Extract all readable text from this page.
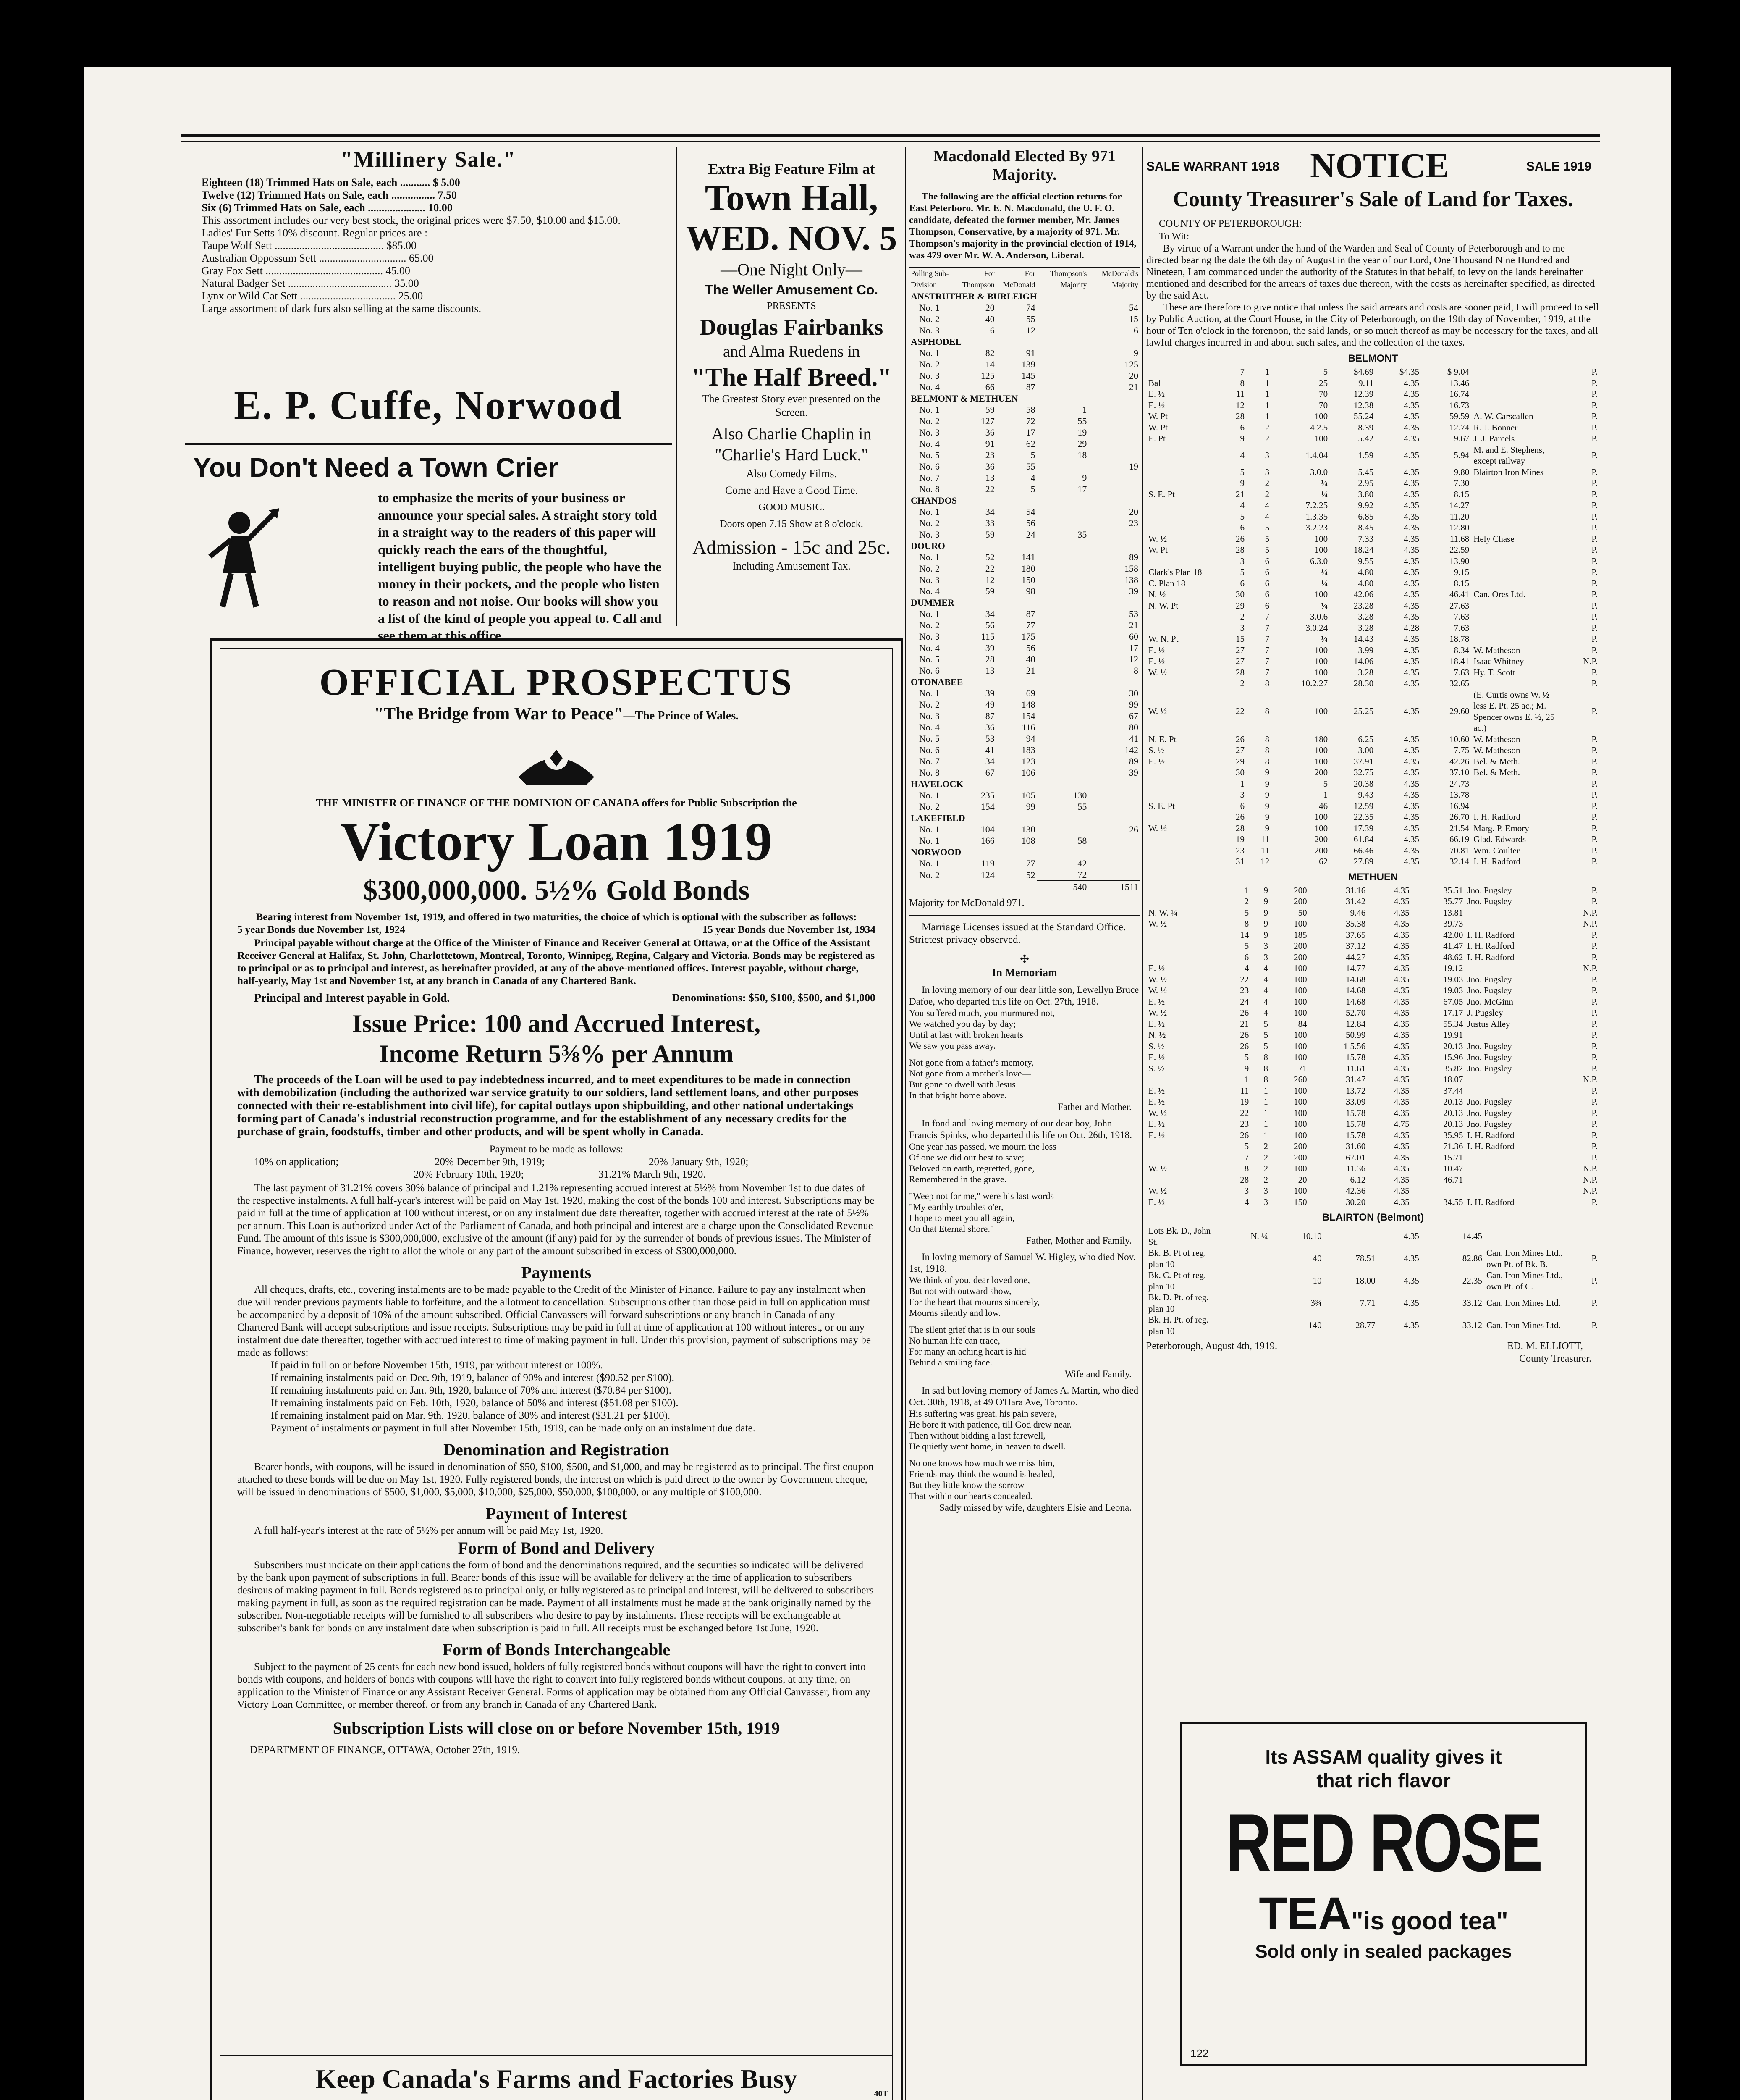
"Millinery Sale."
Eighteen (18) Trimmed Hats on Sale, each ........... $ 5.00
Twelve (12) Trimmed Hats on Sale, each ................ 7.50
Six (6) Trimmed Hats on Sale, each ..................... 10.00
This assortment includes our very best stock, the original prices were $7.50, $10.00 and $15.00.
Ladies' Fur Setts 10% discount. Regular prices are :
Taupe Wolf Sett ........................................ $85.00
Australian Oppossum Sett ................................ 65.00
Gray Fox Sett ........................................... 45.00
Natural Badger Set ...................................... 35.00
Lynx or Wild Cat Sett ................................... 25.00
Large assortment of dark furs also selling at the same discounts.
E. P. Cuffe, Norwood
You Don't Need a Town Crier
to emphasize the merits of your business or announce your special sales. A straight story told in a straight way to the readers of this paper will quickly reach the ears of the thoughtful, intelligent buying public, the people who have the money in their pockets, and the people who listen to reason and not noise. Our books will show you a list of the kind of people you appeal to. Call and see them at this office.
Extra Big Feature Film at
Town Hall,
WED. NOV. 5
—One Night Only—
The Weller Amusement Co.
PRESENTS
Douglas Fairbanks
and Alma Ruedens in
"The Half Breed."
The Greatest Story ever presented on the Screen.
Also Charlie Chaplin in
"Charlie's Hard Luck."
Also Comedy Films.
Come and Have a Good Time.
GOOD MUSIC.
Doors open 7.15 Show at 8 o'clock.
Admission - 15c and 25c.
Including Amusement Tax.
Macdonald Elected By 971 Majority.
The following are the official election returns for East Peterboro. Mr. E. N. Macdonald, the U. F. O. candidate, defeated the former member, Mr. James Thompson, Conservative, by a majority of 971. Mr. Thompson's majority in the provincial election of 1914, was 479 over Mr. W. A. Anderson, Liberal.
Polling Sub-Division	For Thompson	For McDonald	Thompson's Majority	McDonald's Majority
ANSTRUTHER & BURLEIGH				
No. 1	20	74		54
No. 2	40	55		15
No. 3	6	12		6
ASPHODEL				
No. 1	82	91		9
No. 2	14	139		125
No. 3	125	145		20
No. 4	66	87		21
BELMONT & METHUEN				
No. 1	59	58	1	
No. 2	127	72	55	
No. 3	36	17	19	
No. 4	91	62	29	
No. 5	23	5	18	
No. 6	36	55		19
No. 7	13	4	9	
No. 8	22	5	17	
CHANDOS				
No. 1	34	54		20
No. 2	33	56		23
No. 3	59	24	35	
DOURO				
No. 1	52	141		89
No. 2	22	180		158
No. 3	12	150		138
No. 4	59	98		39
DUMMER				
No. 1	34	87		53
No. 2	56	77		21
No. 3	115	175		60
No. 4	39	56		17
No. 5	28	40		12
No. 6	13	21		8
OTONABEE				
No. 1	39	69		30
No. 2	49	148		99
No. 3	87	154		67
No. 4	36	116		80
No. 5	53	94		41
No. 6	41	183		142
No. 7	34	123		89
No. 8	67	106		39
HAVELOCK				
No. 1	235	105	130	
No. 2	154	99	55	
LAKEFIELD				
No. 1	104	130		26
No. 1	166	108	58	
NORWOOD				
No. 1	119	77	42	
No. 2	124	52	72	
			540	1511
Majority for McDonald 971.
Marriage Licenses issued at the Standard Office. Strictest privacy observed.
✣
In Memoriam
In loving memory of our dear little son, Lewellyn Bruce Dafoe, who departed this life on Oct. 27th, 1918.
You suffered much, you murmured not,
We watched you day by day;
Until at last with broken hearts
We saw you pass away.
Not gone from a father's memory,
Not gone from a mother's love—
But gone to dwell with Jesus
In that bright home above.
Father and Mother.
In fond and loving memory of our dear boy, John Francis Spinks, who departed this life on Oct. 26th, 1918.
One year has passed, we mourn the loss
Of one we did our best to save;
Beloved on earth, regretted, gone,
Remembered in the grave.
"Weep not for me," were his last words
"My earthly troubles o'er,
I hope to meet you all again,
On that Eternal shore."
Father, Mother and Family.
In loving memory of Samuel W. Higley, who died Nov. 1st, 1918.
We think of you, dear loved one,
But not with outward show,
For the heart that mourns sincerely,
Mourns silently and low.
The silent grief that is in our souls
No human life can trace,
For many an aching heart is hid
Behind a smiling face.
Wife and Family.
In sad but loving memory of James A. Martin, who died Oct. 30th, 1918, at 49 O'Hara Ave, Toronto.
His suffering was great, his pain severe,
He bore it with patience, till God drew near.
Then without bidding a last farewell,
He quietly went home, in heaven to dwell.
No one knows how much we miss him,
Friends may think the wound is healed,
But they little know the sorrow
That within our hearts concealed.
Sadly missed by wife, daughters Elsie and Leona.
SALE WARRANT 1918 NOTICE	SALE 1919
County Treasurer's Sale of Land for Taxes.
COUNTY OF PETERBOROUGH:
To Wit:
By virtue of a Warrant under the hand of the Warden and Seal of County of Peterborough and to me directed bearing the date the 6th day of August in the year of our Lord, One Thousand Nine Hundred and Nineteen, I am commanded under the authority of the Statutes in that behalf, to levy on the lands hereinafter mentioned and described for the arrears of taxes due thereon, with the costs as hereinafter specified, as directed by the said Act.
These are therefore to give notice that unless the said arrears and costs are sooner paid, I will proceed to sell by Public Auction, at the Court House, in the City of Peterborough, on the 19th day of November, 1919, at the hour of Ten o'clock in the forenoon, the said lands, or so much thereof as may be necessary for the taxes, and all lawful charges incurred in and about such sales, and the collection of the taxes.
BELMONT
	7	1	5	$4.69	$4.35	$ 9.04		P.
Bal	8	1	25	9.11	4.35	13.46		P.
E. ½	11	1	70	12.39	4.35	16.74		P.
E. ½	12	1	70	12.38	4.35	16.73		P.
W. Pt	28	1	100	55.24	4.35	59.59	A. W. Carscallen	P.
W. Pt	6	2	4 2.5	8.39	4.35	12.74	R. J. Bonner	P.
E. Pt	9	2	100	5.42	4.35	9.67	J. J. Parcels	P.
	4	3	1.4.04	1.59	4.35	5.94	M. and E. Stephens, except railway	P.
	5	3	3.0.0	5.45	4.35	9.80	Blairton Iron Mines	P.
	9	2	¼	2.95	4.35	7.30		P.
S. E. Pt	21	2	¼	3.80	4.35	8.15		P.
	4	4	7.2.25	9.92	4.35	14.27		P.
	5	4	1.3.35	6.85	4.35	11.20		P.
	6	5	3.2.23	8.45	4.35	12.80		P.
W. ½	26	5	100	7.33	4.35	11.68	Hely Chase	P.
W. Pt	28	5	100	18.24	4.35	22.59		P.
	3	6	6.3.0	9.55	4.35	13.90		P.
Clark's Plan 18	5	6	¼	4.80	4.35	9.15		P.
C. Plan 18	6	6	¼	4.80	4.35	8.15		P.
N. ½	30	6	100	42.06	4.35	46.41	Can. Ores Ltd.	P.
N. W. Pt	29	6	¼	23.28	4.35	27.63		P.
	2	7	3.0.6	3.28	4.35	7.63		P.
	3	7	3.0.24	3.28	4.28	7.63		P.
W. N. Pt	15	7	¼	14.43	4.35	18.78		P.
E. ½	27	7	100	3.99	4.35	8.34	W. Matheson	P.
E. ½	27	7	100	14.06	4.35	18.41	Isaac Whitney	N.P.
W. ½	28	7	100	3.28	4.35	7.63	Hy. T. Scott	P.
	2	8	10.2.27	28.30	4.35	32.65		P.
W. ½	22	8	100	25.25	4.35	29.60	(E. Curtis owns W. ½ less E. Pt. 25 ac.; M. Spencer owns E. ½, 25 ac.)	P.
N. E. Pt	26	8	180	6.25	4.35	10.60	W. Matheson	P.
S. ½	27	8	100	3.00	4.35	7.75	W. Matheson	P.
E. ½	29	8	100	37.91	4.35	42.26	Bel. & Meth.	P.
	30	9	200	32.75	4.35	37.10	Bel. & Meth.	P.
	1	9	5	20.38	4.35	24.73		P.
	3	9	1	9.43	4.35	13.78		P.
S. E. Pt	6	9	46	12.59	4.35	16.94		P.
	26	9	100	22.35	4.35	26.70	I. H. Radford	P.
W. ½	28	9	100	17.39	4.35	21.54	Marg. P. Emory	P.
	19	11	200	61.84	4.35	66.19	Glad. Edwards	P.
	23	11	200	66.46	4.35	70.81	Wm. Coulter	P.
	31	12	62	27.89	4.35	32.14	I. H. Radford	P.
METHUEN
	1	9	200	31.16	4.35	35.51	Jno. Pugsley	P.
	2	9	200	31.42	4.35	35.77	Jno. Pugsley	P.
N. W. ¼	5	9	50	9.46	4.35	13.81		N.P.
W. ½	8	9	100	35.38	4.35	39.73		N.P.
	14	9	185	37.65	4.35	42.00	I. H. Radford	P.
	5	3	200	37.12	4.35	41.47	I. H. Radford	P.
	6	3	200	44.27	4.35	48.62	I. H. Radford	P.
E. ½	4	4	100	14.77	4.35	19.12		N.P.
W. ½	22	4	100	14.68	4.35	19.03	Jno. Pugsley	P.
W. ½	23	4	100	14.68	4.35	19.03	Jno. Pugsley	P.
E. ½	24	4	100	14.68	4.35	67.05	Jno. McGinn	P.
W. ½	26	4	100	52.70	4.35	17.17	J. Pugsley	P.
E. ½	21	5	84	12.84	4.35	55.34	Justus Alley	P.
N. ½	26	5	100	50.99	4.35	19.91		P.
S. ½	26	5	100	1 5.56	4.35	20.13	Jno. Pugsley	P.
E. ½	5	8	100	15.78	4.35	15.96	Jno. Pugsley	P.
S. ½	9	8	71	11.61	4.35	35.82	Jno. Pugsley	P.
	1	8	260	31.47	4.35	18.07		N.P.
E. ½	11	1	100	13.72	4.35	37.44		P.
E. ½	19	1	100	33.09	4.35	20.13	Jno. Pugsley	P.
W. ½	22	1	100	15.78	4.35	20.13	Jno. Pugsley	P.
E. ½	23	1	100	15.78	4.75	20.13	Jno. Pugsley	P.
E. ½	26	1	100	15.78	4.35	35.95	I. H. Radford	P.
	5	2	200	31.60	4.35	71.36	I. H. Radford	P.
	7	2	200	67.01	4.35	15.71		P.
W. ½	8	2	100	11.36	4.35	10.47		N.P.
	28	2	20	6.12	4.35	46.71		N.P.
W. ½	3	3	100	42.36	4.35			N.P.
E. ½	4	3	150	30.20	4.35	34.55	I. H. Radford	P.
BLAIRTON (Belmont)
Lots Bk. D., John St.	N. ¼	10.10		4.35		14.45		
Bk. B. Pt of reg. plan 10		40	78.51	4.35		82.86	Can. Iron Mines Ltd., own Pt. of Bk. B.	P.
Bk. C. Pt of reg. plan 10		10	18.00	4.35		22.35	Can. Iron Mines Ltd., own Pt. of C.	P.
Bk. D. Pt. of reg. plan 10		3¾	7.71	4.35		33.12	Can. Iron Mines Ltd.	P.
Bk. H. Pt. of reg. plan 10		140	28.77	4.35		33.12	Can. Iron Mines Ltd.	P.
Peterborough, August 4th, 1919.	ED. M. ELLIOTT,
County Treasurer.
OFFICIAL PROSPECTUS
"The Bridge from War to Peace"—The Prince of Wales.
THE MINISTER OF FINANCE OF THE DOMINION OF CANADA offers for Public Subscription the
Victory Loan 1919
$300,000,000. 5½% Gold Bonds
Bearing interest from November 1st, 1919, and offered in two maturities, the choice of which is optional with the subscriber as follows:
5 year Bonds due November 1st, 1924	15 year Bonds due November 1st, 1934
Principal payable without charge at the Office of the Minister of Finance and Receiver General at Ottawa, or at the Office of the Assistant Receiver General at Halifax, St. John, Charlottetown, Montreal, Toronto, Winnipeg, Regina, Calgary and Victoria. Bonds may be registered as to principal or as to principal and interest, as hereinafter provided, at any of the above-mentioned offices. Interest payable, without charge, half-yearly, May 1st and November 1st, at any branch in Canada of any Chartered Bank.
Principal and Interest payable in Gold.	Denominations: $50, $100, $500, and $1,000
Issue Price: 100 and Accrued Interest,
Income Return 5⅜% per Annum
The proceeds of the Loan will be used to pay indebtedness incurred, and to meet expenditures to be made in connection with demobilization (including the authorized war service gratuity to our soldiers, land settlement loans, and other purposes connected with their re-establishment into civil life), for capital outlays upon shipbuilding, and other national undertakings forming part of Canada's industrial reconstruction programme, and for the establishment of any necessary credits for the purchase of grain, foodstuffs, timber and other products, and will be spent wholly in Canada.
Payment to be made as follows:
10% on application;	20% December 9th, 1919;	20% January 9th, 1920;
20% February 10th, 1920;	31.21% March 9th, 1920.
The last payment of 31.21% covers 30% balance of principal and 1.21% representing accrued interest at 5½% from November 1st to due dates of the respective instalments. A full half-year's interest will be paid on May 1st, 1920, making the cost of the bonds 100 and interest. Subscriptions may be paid in full at the time of application at 100 without interest, or on any instalment due date thereafter, together with accrued interest at the rate of 5½% per annum. This Loan is authorized under Act of the Parliament of Canada, and both principal and interest are a charge upon the Consolidated Revenue Fund. The amount of this issue is $300,000,000, exclusive of the amount (if any) paid for by the surrender of bonds of previous issues. The Minister of Finance, however, reserves the right to allot the whole or any part of the amount subscribed in excess of $300,000,000.
Payments
All cheques, drafts, etc., covering instalments are to be made payable to the Credit of the Minister of Finance. Failure to pay any instalment when due will render previous payments liable to forfeiture, and the allotment to cancellation. Subscriptions other than those paid in full on application must be accompanied by a deposit of 10% of the amount subscribed. Official Canvassers will forward subscriptions or any branch in Canada of any Chartered Bank will accept subscriptions and issue receipts. Subscriptions may be paid in full at time of application at 100 without interest, or on any instalment due date thereafter, together with accrued interest to time of making payment in full. Under this provision, payment of subscriptions may be made as follows:
If paid in full on or before November 15th, 1919, par without interest or 100%.
If remaining instalments paid on Dec. 9th, 1919, balance of 90% and interest ($90.52 per $100).
If remaining instalments paid on Jan. 9th, 1920, balance of 70% and interest ($70.84 per $100).
If remaining instalments paid on Feb. 10th, 1920, balance of 50% and interest ($51.08 per $100).
If remaining instalment paid on Mar. 9th, 1920, balance of 30% and interest ($31.21 per $100).
Payment of instalments or payment in full after November 15th, 1919, can be made only on an instalment due date.
Denomination and Registration
Bearer bonds, with coupons, will be issued in denomination of $50, $100, $500, and $1,000, and may be registered as to principal. The first coupon attached to these bonds will be due on May 1st, 1920. Fully registered bonds, the interest on which is paid direct to the owner by Government cheque, will be issued in denominations of $500, $1,000, $5,000, $10,000, $25,000, $50,000, $100,000, or any multiple of $100,000.
Payment of Interest
A full half-year's interest at the rate of 5½% per annum will be paid May 1st, 1920.
Form of Bond and Delivery
Subscribers must indicate on their applications the form of bond and the denominations required, and the securities so indicated will be delivered by the bank upon payment of subscriptions in full. Bearer bonds of this issue will be available for delivery at the time of application to subscribers desirous of making payment in full. Bonds registered as to principal only, or fully registered as to principal and interest, will be delivered to subscribers making payment in full, as soon as the required registration can be made. Payment of all instalments must be made at the bank originally named by the subscriber. Non-negotiable receipts will be furnished to all subscribers who desire to pay by instalments. These receipts will be exchangeable at subscriber's bank for bonds on any instalment date when subscription is paid in full. All receipts must be exchanged before 1st June, 1920.
Form of Bonds Interchangeable
Subject to the payment of 25 cents for each new bond issued, holders of fully registered bonds without coupons will have the right to convert into bonds with coupons, and holders of bonds with coupons will have the right to convert into fully registered bonds without coupons, at any time, on application to the Minister of Finance or any Assistant Receiver General. Forms of application may be obtained from any Official Canvasser, from any Victory Loan Committee, or member thereof, or from any branch in Canada of any Chartered Bank.
Subscription Lists will close on or before November 15th, 1919
DEPARTMENT OF FINANCE, OTTAWA, October 27th, 1919.
Keep Canada's Farms and Factories Busy	40T
Its ASSAM quality gives it
that rich flavor
RED ROSE
TEA"is good tea"
Sold only in sealed packages
122
